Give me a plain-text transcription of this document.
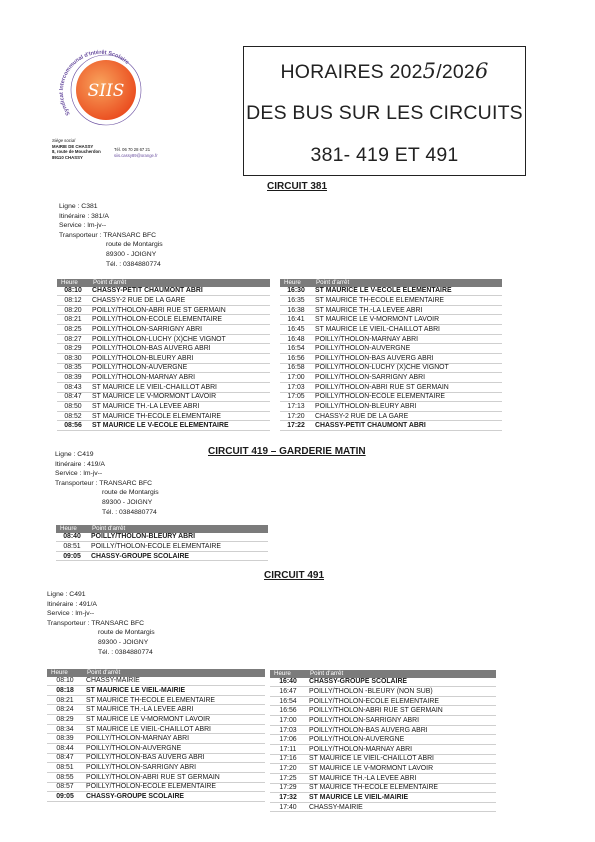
Syndicat Intercommunal d'Intérêt Scolaire
SIIS
Siège social
MAIRIE DE CHASSY
8, route de Moucherdon
89110 CHASSY
Tél. 06 70 28 67 21
siis.cassy89@orange.fr
HORAIRES 2025/2026
DES BUS SUR LES CIRCUITS
381- 419 ET 491
CIRCUIT 381
Ligne : C381
Itinéraire : 381/A
Service : lm-jv--
Transporteur : TRANSARC BFC
route de Montargis
89300 - JOIGNY
Tél. : 0384880774
Heure	Point d'arrêt
08:10	CHASSY-PETIT CHAUMONT ABRI
08:12	CHASSY-2 RUE DE LA GARE
08:20	POILLY/THOLON-ABRI RUE ST GERMAIN
08:21	POILLY/THOLON-ECOLE ELEMENTAIRE
08:25	POILLY/THOLON-SARRIGNY ABRI
08:27	POILLY/THOLON-LUCHY (X)CHE VIGNOT
08:29	POILLY/THOLON-BAS AUVERG ABRI
08:30	POILLY/THOLON-BLEURY ABRI
08:35	POILLY/THOLON-AUVERGNE
08:39	POILLY/THOLON-MARNAY ABRI
08:43	ST MAURICE LE VIEIL-CHAILLOT ABRI
08:47	ST MAURICE LE V-MORMONT LAVOIR
08:50	ST MAURICE TH.-LA LEVEE ABRI
08:52	ST MAURICE TH-ECOLE ELEMENTAIRE
08:56	ST MAURICE LE V-ECOLE ELEMENTAIRE
Heure	Point d'arrêt
16:30	ST MAURICE LE V-ECOLE ELEMENTAIRE
16:35	ST MAURICE TH-ECOLE ELEMENTAIRE
16:38	ST MAURICE TH.-LA LEVEE ABRI
16:41	ST MAURICE LE V-MORMONT LAVOIR
16:45	ST MAURICE LE VIEIL-CHAILLOT ABRI
16:48	POILLY/THOLON-MARNAY ABRI
16:54	POILLY/THOLON-AUVERGNE
16:56	POILLY/THOLON-BAS AUVERG ABRI
16:58	POILLY/THOLON-LUCHY (X)CHE VIGNOT
17:00	POILLY/THOLON-SARRIGNY ABRI
17:03	POILLY/THOLON-ABRI RUE ST GERMAIN
17:05	POILLY/THOLON-ECOLE ELEMENTAIRE
17:13	POILLY/THOLON-BLEURY ABRI
17:20	CHASSY-2 RUE DE LA GARE
17:22	CHASSY-PETIT CHAUMONT ABRI
CIRCUIT 419 – GARDERIE MATIN
Ligne : C419
Itinéraire : 419/A
Service : lm-jv--
Transporteur : TRANSARC BFC
route de Montargis
89300 - JOIGNY
Tél. : 0384880774
Heure	Point d'arrêt
08:40	POILLY/THOLON-BLEURY ABRI
08:51	POILLY/THOLON-ECOLE ELEMENTAIRE
09:05	CHASSY-GROUPE SCOLAIRE
CIRCUIT 491
Ligne : C491
Itinéraire : 491/A
Service : lm-jv--
Transporteur : TRANSARC BFC
route de Montargis
89300 - JOIGNY
Tél. : 0384880774
Heure	Point d'arrêt
08:10	CHASSY-MAIRIE
08:18	ST MAURICE LE VIEIL-MAIRIE
08:21	ST MAURICE TH-ECOLE ELEMENTAIRE
08:24	ST MAURICE TH.-LA LEVEE ABRI
08:29	ST MAURICE LE V-MORMONT LAVOIR
08:34	ST MAURICE LE VIEIL-CHAILLOT ABRI
08:39	POILLY/THOLON-MARNAY ABRI
08:44	POILLY/THOLON-AUVERGNE
08:47	POILLY/THOLON-BAS AUVERG ABRI
08:51	POILLY/THOLON-SARRIGNY ABRI
08:55	POILLY/THOLON-ABRI RUE ST GERMAIN
08:57	POILLY/THOLON-ECOLE ELEMENTAIRE
09:05	CHASSY-GROUPE SCOLAIRE
Heure	Point d'arrêt
16:40	CHASSY-GROUPE SCOLAIRE
16:47	POILLY/THOLON -BLEURY (NON SUB)
16:54	POILLY/THOLON-ECOLE ELEMENTAIRE
16:56	POILLY/THOLON-ABRI RUE ST GERMAIN
17:00	POILLY/THOLON-SARRIGNY ABRI
17:03	POILLY/THOLON-BAS AUVERG ABRI
17:06	POILLY/THOLON-AUVERGNE
17:11	POILLY/THOLON-MARNAY ABRI
17:16	ST MAURICE LE VIEIL-CHAILLOT ABRI
17:20	ST MAURICE LE V-MORMONT LAVOIR
17:25	ST MAURICE TH.-LA LEVEE ABRI
17:29	ST MAURICE TH-ECOLE ELEMENTAIRE
17:32	ST MAURICE LE VIEIL-MAIRIE
17:40	CHASSY-MAIRIE
